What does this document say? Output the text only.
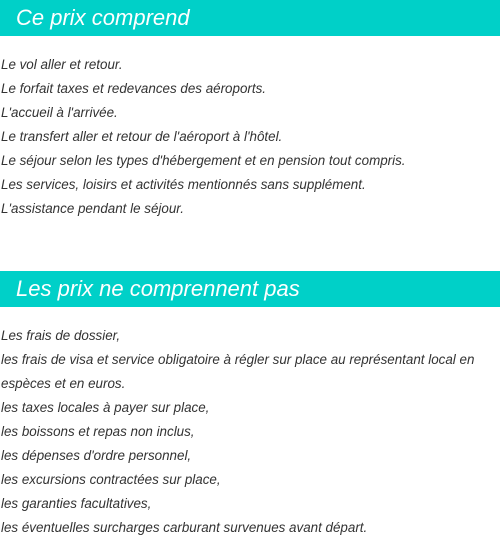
Ce prix comprend
Le vol aller et retour.
Le forfait taxes et redevances des aéroports.
L'accueil à l'arrivée.
Le transfert aller et retour de l'aéroport à l'hôtel.
Le séjour selon les types d'hébergement et en pension tout compris.
Les services, loisirs et activités mentionnés sans supplément.
L'assistance pendant le séjour.
Les prix ne comprennent pas
Les frais de dossier,
les frais de visa et service obligatoire à régler sur place au représentant local en espèces et en euros.
les taxes locales à payer sur place,
les boissons et repas non inclus,
les dépenses d'ordre personnel,
les excursions contractées sur place,
les garanties facultatives,
les éventuelles surcharges carburant survenues avant départ.
